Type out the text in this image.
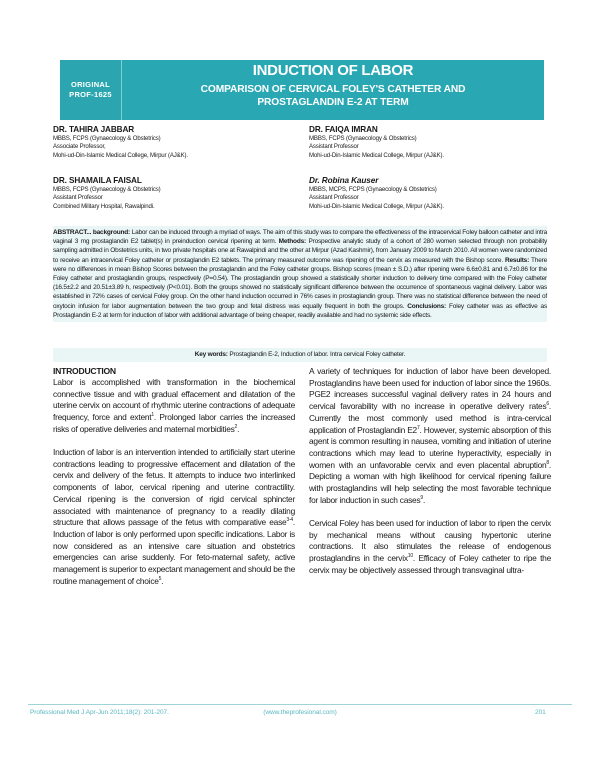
ORIGINAL
PROF-1625
INDUCTION OF LABOR
COMPARISON OF CERVICAL FOLEY'S CATHETER AND
PROSTAGLANDIN E-2 AT TERM
DR. TAHIRA JABBAR
MBBS, FCPS (Gynaecology & Obstetrics)
Associate Professor,
Mohi-ud-Din-Islamic Medical College, Mirpur (AJ&K).
DR. FAIQA IMRAN
MBBS, FCPS (Gynaecology & Obstetrics)
Assistant Professor
Mohi-ud-Din-Islamic Medical College, Mirpur (AJ&K).
DR. SHAMAILA FAISAL
MBBS, FCPS (Gynaecology & Obstetrics)
Assistant Professor
Combined Military Hospital, Rawalpindi.
Dr. Robina Kauser
MBBS, MCPS, FCPS (Gynaecology & Obstetrics)
Assistant Professor
Mohi-ud-Din-Islamic Medical College, Mirpur (AJ&K).
ABSTRACT... background: Labor can be induced through a myriad of ways. The aim of this study was to compare the effectiveness of the intracervical Foley balloon catheter and intra vaginal 3 mg prostaglandin E2 tablet(s) in preinduction cervical ripening at term. Methods: Prospective analytic study of a cohort of 280 women selected through non probability sampling admitted in Obstetrics units, in two private hospitals one at Rawalpindi and the other at Mirpur (Azad Kashmir), from January 2009 to March 2010. All women were randomized to receive an intracervical Foley catheter or prostaglandin E2 tablets. The primary measured outcome was ripening of the cervix as measured with the Bishop score. Results: There were no differences in mean Bishop Scores between the prostaglandin and the Foley catheter groups. Bishop scores (mean ± S.D.) after ripening were 6.6±0.81 and 6.7±0.86 for the Foley catheter and prostaglandin groups, respectively (P=0.54). The prostaglandin group showed a statistically shorter induction to delivery time compared with the Foley catheter (16.5±2.2 and 20.51±3.89 h, respectively (P<0.01). Both the groups showed no statistically significant difference between the occurrence of spontaneous vaginal delivery. Labor was established in 72% cases of cervical Foley group. On the other hand induction occurred in 76% cases in prostaglandin group. There was no statistical difference between the need of oxytocin infusion for labor augmentation between the two group and fetal distress was equally frequent in both the groups. Conclusions: Foley catheter was as effective as Prostaglandin E-2 at term for induction of labor with additional advantage of being cheaper, readily available and had no systemic side effects.
Key words: Prostaglandin E-2, Induction of labor. Intra cervical Foley catheter.
INTRODUCTION

Labor is accomplished with transformation in the biochemical connective tissue and with gradual effacement and dilatation of the uterine cervix on account of rhythmic uterine contractions of adequate frequency, force and extent$^1$. Prolonged labor carries the increased risks of operative deliveries and maternal morbidities$^2$.

Induction of labor is an intervention intended to artificially start uterine contractions leading to progressive effacement and dilatation of the cervix and delivery of the fetus. It attempts to induce two interlinked components of labor, cervical ripening and uterine contractility. Cervical ripening is the conversion of rigid cervical sphincter associated with maintenance of pregnancy to a readily dilating structure that allows passage of the fetus with comparative ease$^{3-4}$. Induction of labor is only performed upon specific indications. Labor is now considered as an intensive care situation and obstetrics emergencies can arise suddenly. For feto-maternal safety, active management is superior to expectant management and should be the routine management of choice$^5$.

A variety of techniques for induction of labor have been developed. Prostaglandins have been used for induction of labor since the 1960s. PGE2 increases successful vaginal delivery rates in 24 hours and cervical favorability with no increase in operative delivery rates$^6$. Currently the most commonly used method is intra-cervical application of Prostaglandin $E2^7$. However, systemic absorption of this agent is common resulting in nausea, vomiting and initiation of uterine contractions which may lead to uterine hyperactivity, especially in women with an unfavorable cervix and even placental abruption$^8$. Depicting a woman with high likelihood for cervical ripening failure with prostaglandins will help selecting the most favorable technique for labor induction in such cases$^9$.

Cervical Foley has been used for induction of labor to ripen the cervix by mechanical means without causing hypertonic uterine contractions. It also stimulates the release of endogenous prostaglandins in the cervix$^{10}$. Efficacy of Foley catheter to ripe the cervix may be objectively assessed through transvaginal ultra-

Professional Med J Apr-Jun 2011;18(2): 201-207.	(www.theprofesional.com)	201
